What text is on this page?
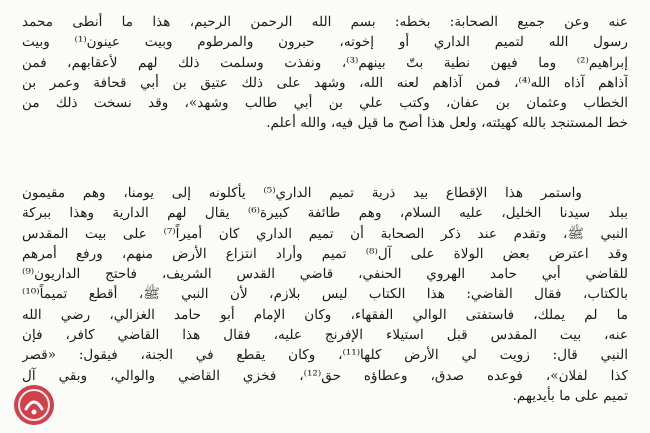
عنه وعن جميع الصحابة: بخطه: بسم الله الرحمن الرحيم، هذا ما أنطى محمد
رسول الله لتميم الداري أو إخوته، حبرون والمرطوم وبيت عينون⁽¹⁾ وبيت
إبراهيم⁽²⁾ وما فيهن نطية بتّ بينهم⁽³⁾، ونفذت وسلمت ذلك لهم لأعقابهم، فمن
آذاهم آذاه الله⁽⁴⁾، فمن آذاهم لعنه الله، وشهد على ذلك عتيق بن أبي قحافة وعمر بن
الخطاب وعثمان بن عفان، وكتب علي بن أبي طالب وشهد»، وقد نسخت ذلك من
خط المستنجد بالله كهيئته، ولعل هذا أصح ما قيل فيه، والله أعلم.
واستمر هذا الإقطاع بيد ذرية تميم الداري⁽⁵⁾ يأكلونه إلى يومنا، وهم مقيمون
ببلد سيدنا الخليل، عليه السلام، وهم طائفة كبيرة⁽⁶⁾ يقال لهم الدارية وهذا ببركة
النبي ﷺ، وتقدم عند ذكر الصحابة أن تميم الداري كان أميراً⁽⁷⁾ على بيت المقدس
وقد اعترض بعض الولاة على آل⁽⁸⁾ تميم وأراد انتزاع الأرض منهم، ورفع أمرهم
للقاضي أبي حامد الهروي الحنفي، قاضي القدس الشريف، فاحتج الداريون⁽⁹⁾
بالكتاب، فقال القاضي: هذا الكتاب ليس بلازم، لأن النبي ﷺ، أقطع تميماً⁽¹⁰⁾
ما لم يملك، فاستفتى الوالي الفقهاء، وكان الإمام أبو حامد الغزالي، رضي الله
عنه، بيت المقدس قبل استيلاء الإفرنج عليه، فقال هذا القاضي كافر، فإن
النبي قال: زويت لي الأرض كلها⁽¹¹⁾، وكان يقطع في الجنة، فيقول: «قصر
كذا لفلان»، فوعده صدق، وعطاؤه حق⁽¹²⁾، فخزي القاضي والوالي، وبقي آل
تميم على ما بأيديهم.
